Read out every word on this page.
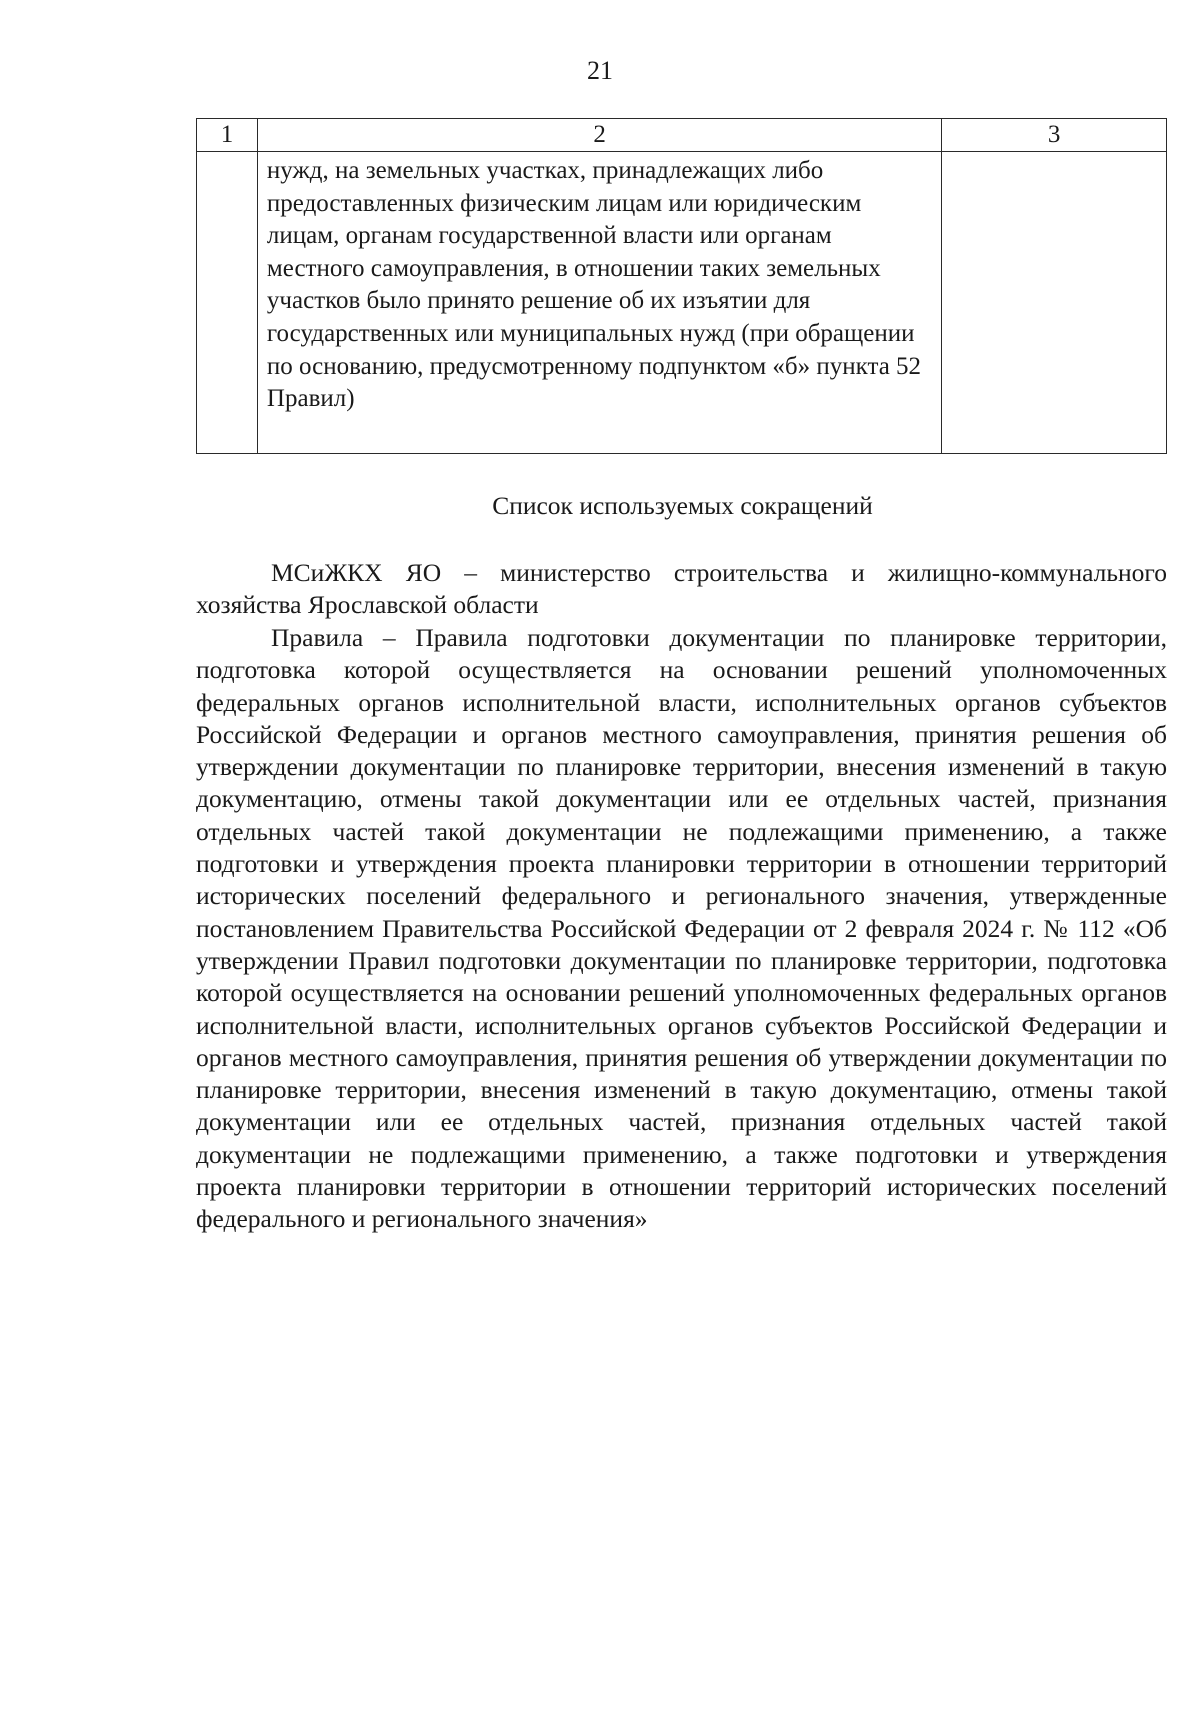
21
1	2	3
	нужд, на земельных участках, принадлежащих либо предоставленных физическим лицам или юридическим лицам, органам государственной власти или органам местного самоуправления, в отношении таких земельных участков было принято решение об их изъятии для государственных или муниципальных нужд (при обращении по основанию, предусмотренному подпунктом «б» пункта 52 Правил)	
Список используемых сокращений

МСиЖКХ ЯО – министерство строительства и жилищно-коммунального хозяйства Ярославской области

Правила – Правила подготовки документации по планировке территории, подготовка которой осуществляется на основании решений уполномоченных федеральных органов исполнительной власти, исполнительных органов субъектов Российской Федерации и органов местного самоуправления, принятия решения об утверждении документации по планировке территории, внесения изменений в такую документацию, отмены такой документации или ее отдельных частей, признания отдельных частей такой документации не подлежащими применению, а также подготовки и утверждения проекта планировки территории в отношении территорий исторических поселений федерального и регионального значения, утвержденные постановлением Правительства Российской Федерации от 2 февраля 2024 г. № 112 «Об утверждении Правил подготовки документации по планировке территории, подготовка которой осуществляется на основании решений уполномоченных федеральных органов исполнительной власти, исполнительных органов субъектов Российской Федерации и органов местного самоуправления, принятия решения об утверждении документации по планировке территории, внесения изменений в такую документацию, отмены такой документации или ее отдельных частей, признания отдельных частей такой документации не подлежащими применению, а также подготовки и утверждения проекта планировки территории в отношении территорий исторических поселений федерального и регионального значения»
